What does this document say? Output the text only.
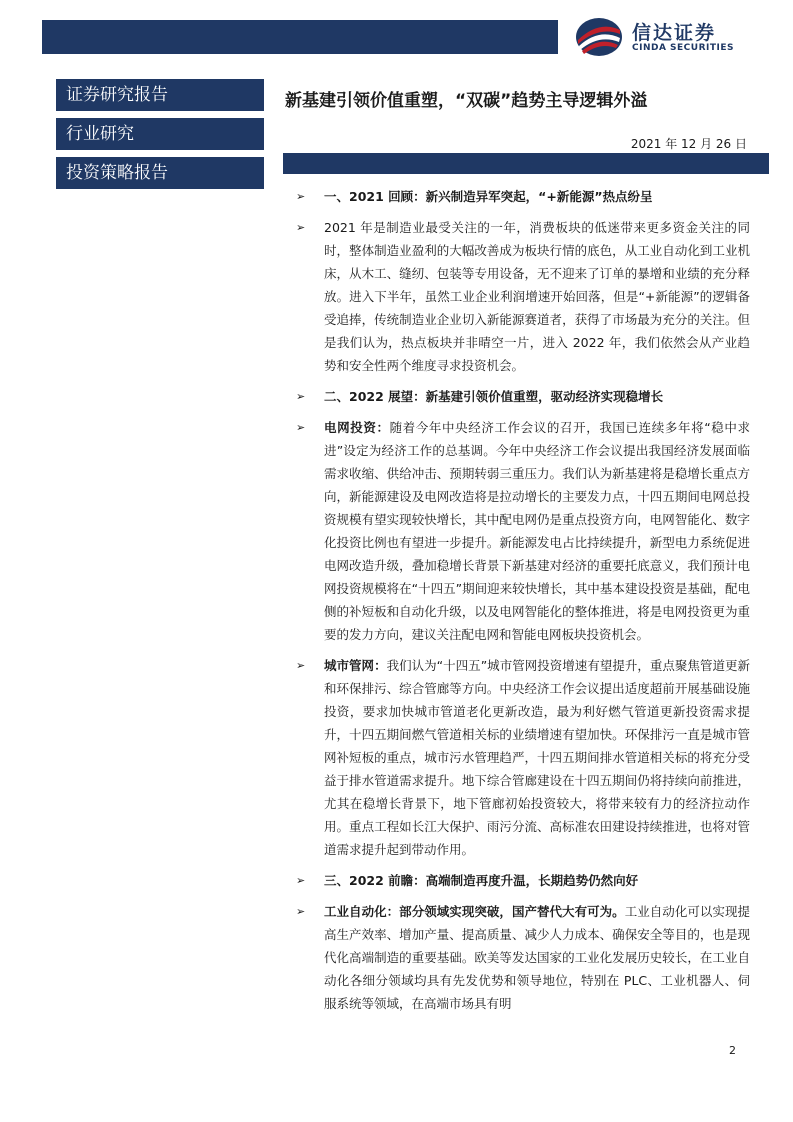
信达证券
CINDA SECURITIES
证券研究报告
行业研究
投资策略报告
新基建引领价值重塑，“双碳”趋势主导逻辑外溢
2021 年 12 月 26 日
➢ 一、2021 回顾：新兴制造异军突起，“+新能源”热点纷呈
➢ 2021 年是制造业最受关注的一年，消费板块的低迷带来更多资金关注的同时，整体制造业盈利的大幅改善成为板块行情的底色，从工业自动化到工业机床，从木工、缝纫、包装等专用设备，无不迎来了订单的暴增和业绩的充分释放。进入下半年，虽然工业企业利润增速开始回落，但是“+新能源”的逻辑备受追捧，传统制造业企业切入新能源赛道者，获得了市场最为充分的关注。但是我们认为，热点板块并非晴空一片，进入 2022 年，我们依然会从产业趋势和安全性两个维度寻求投资机会。
➢ 二、2022 展望：新基建引领价值重塑，驱动经济实现稳增长
➢ 电网投资：随着今年中央经济工作会议的召开，我国已连续多年将“稳中求进”设定为经济工作的总基调。今年中央经济工作会议提出我国经济发展面临需求收缩、供给冲击、预期转弱三重压力。我们认为新基建将是稳增长重点方向，新能源建设及电网改造将是拉动增长的主要发力点，十四五期间电网总投资规模有望实现较快增长，其中配电网仍是重点投资方向，电网智能化、数字化投资比例也有望进一步提升。新能源发电占比持续提升，新型电力系统促进电网改造升级，叠加稳增长背景下新基建对经济的重要托底意义，我们预计电网投资规模将在“十四五”期间迎来较快增长，其中基本建设投资是基础，配电侧的补短板和自动化升级，以及电网智能化的整体推进，将是电网投资更为重要的发力方向，建议关注配电网和智能电网板块投资机会。
➢ 城市管网：我们认为“十四五”城市管网投资增速有望提升，重点聚焦管道更新和环保排污、综合管廊等方向。中央经济工作会议提出适度超前开展基础设施投资，要求加快城市管道老化更新改造，最为利好燃气管道更新投资需求提升，十四五期间燃气管道相关标的业绩增速有望加快。环保排污一直是城市管网补短板的重点，城市污水管理趋严，十四五期间排水管道相关标的将充分受益于排水管道需求提升。地下综合管廊建设在十四五期间仍将持续向前推进，尤其在稳增长背景下，地下管廊初始投资较大，将带来较有力的经济拉动作用。重点工程如长江大保护、雨污分流、高标准农田建设持续推进，也将对管道需求提升起到带动作用。
➢ 三、2022 前瞻：高端制造再度升温，长期趋势仍然向好
➢ 工业自动化：部分领域实现突破，国产替代大有可为。工业自动化可以实现提高生产效率、增加产量、提高质量、减少人力成本、确保安全等目的，也是现代化高端制造的重要基础。欧美等发达国家的工业化发展历史较长，在工业自动化各细分领域均具有先发优势和领导地位，特别在 PLC、工业机器人、伺服系统等领域，在高端市场具有明
2
